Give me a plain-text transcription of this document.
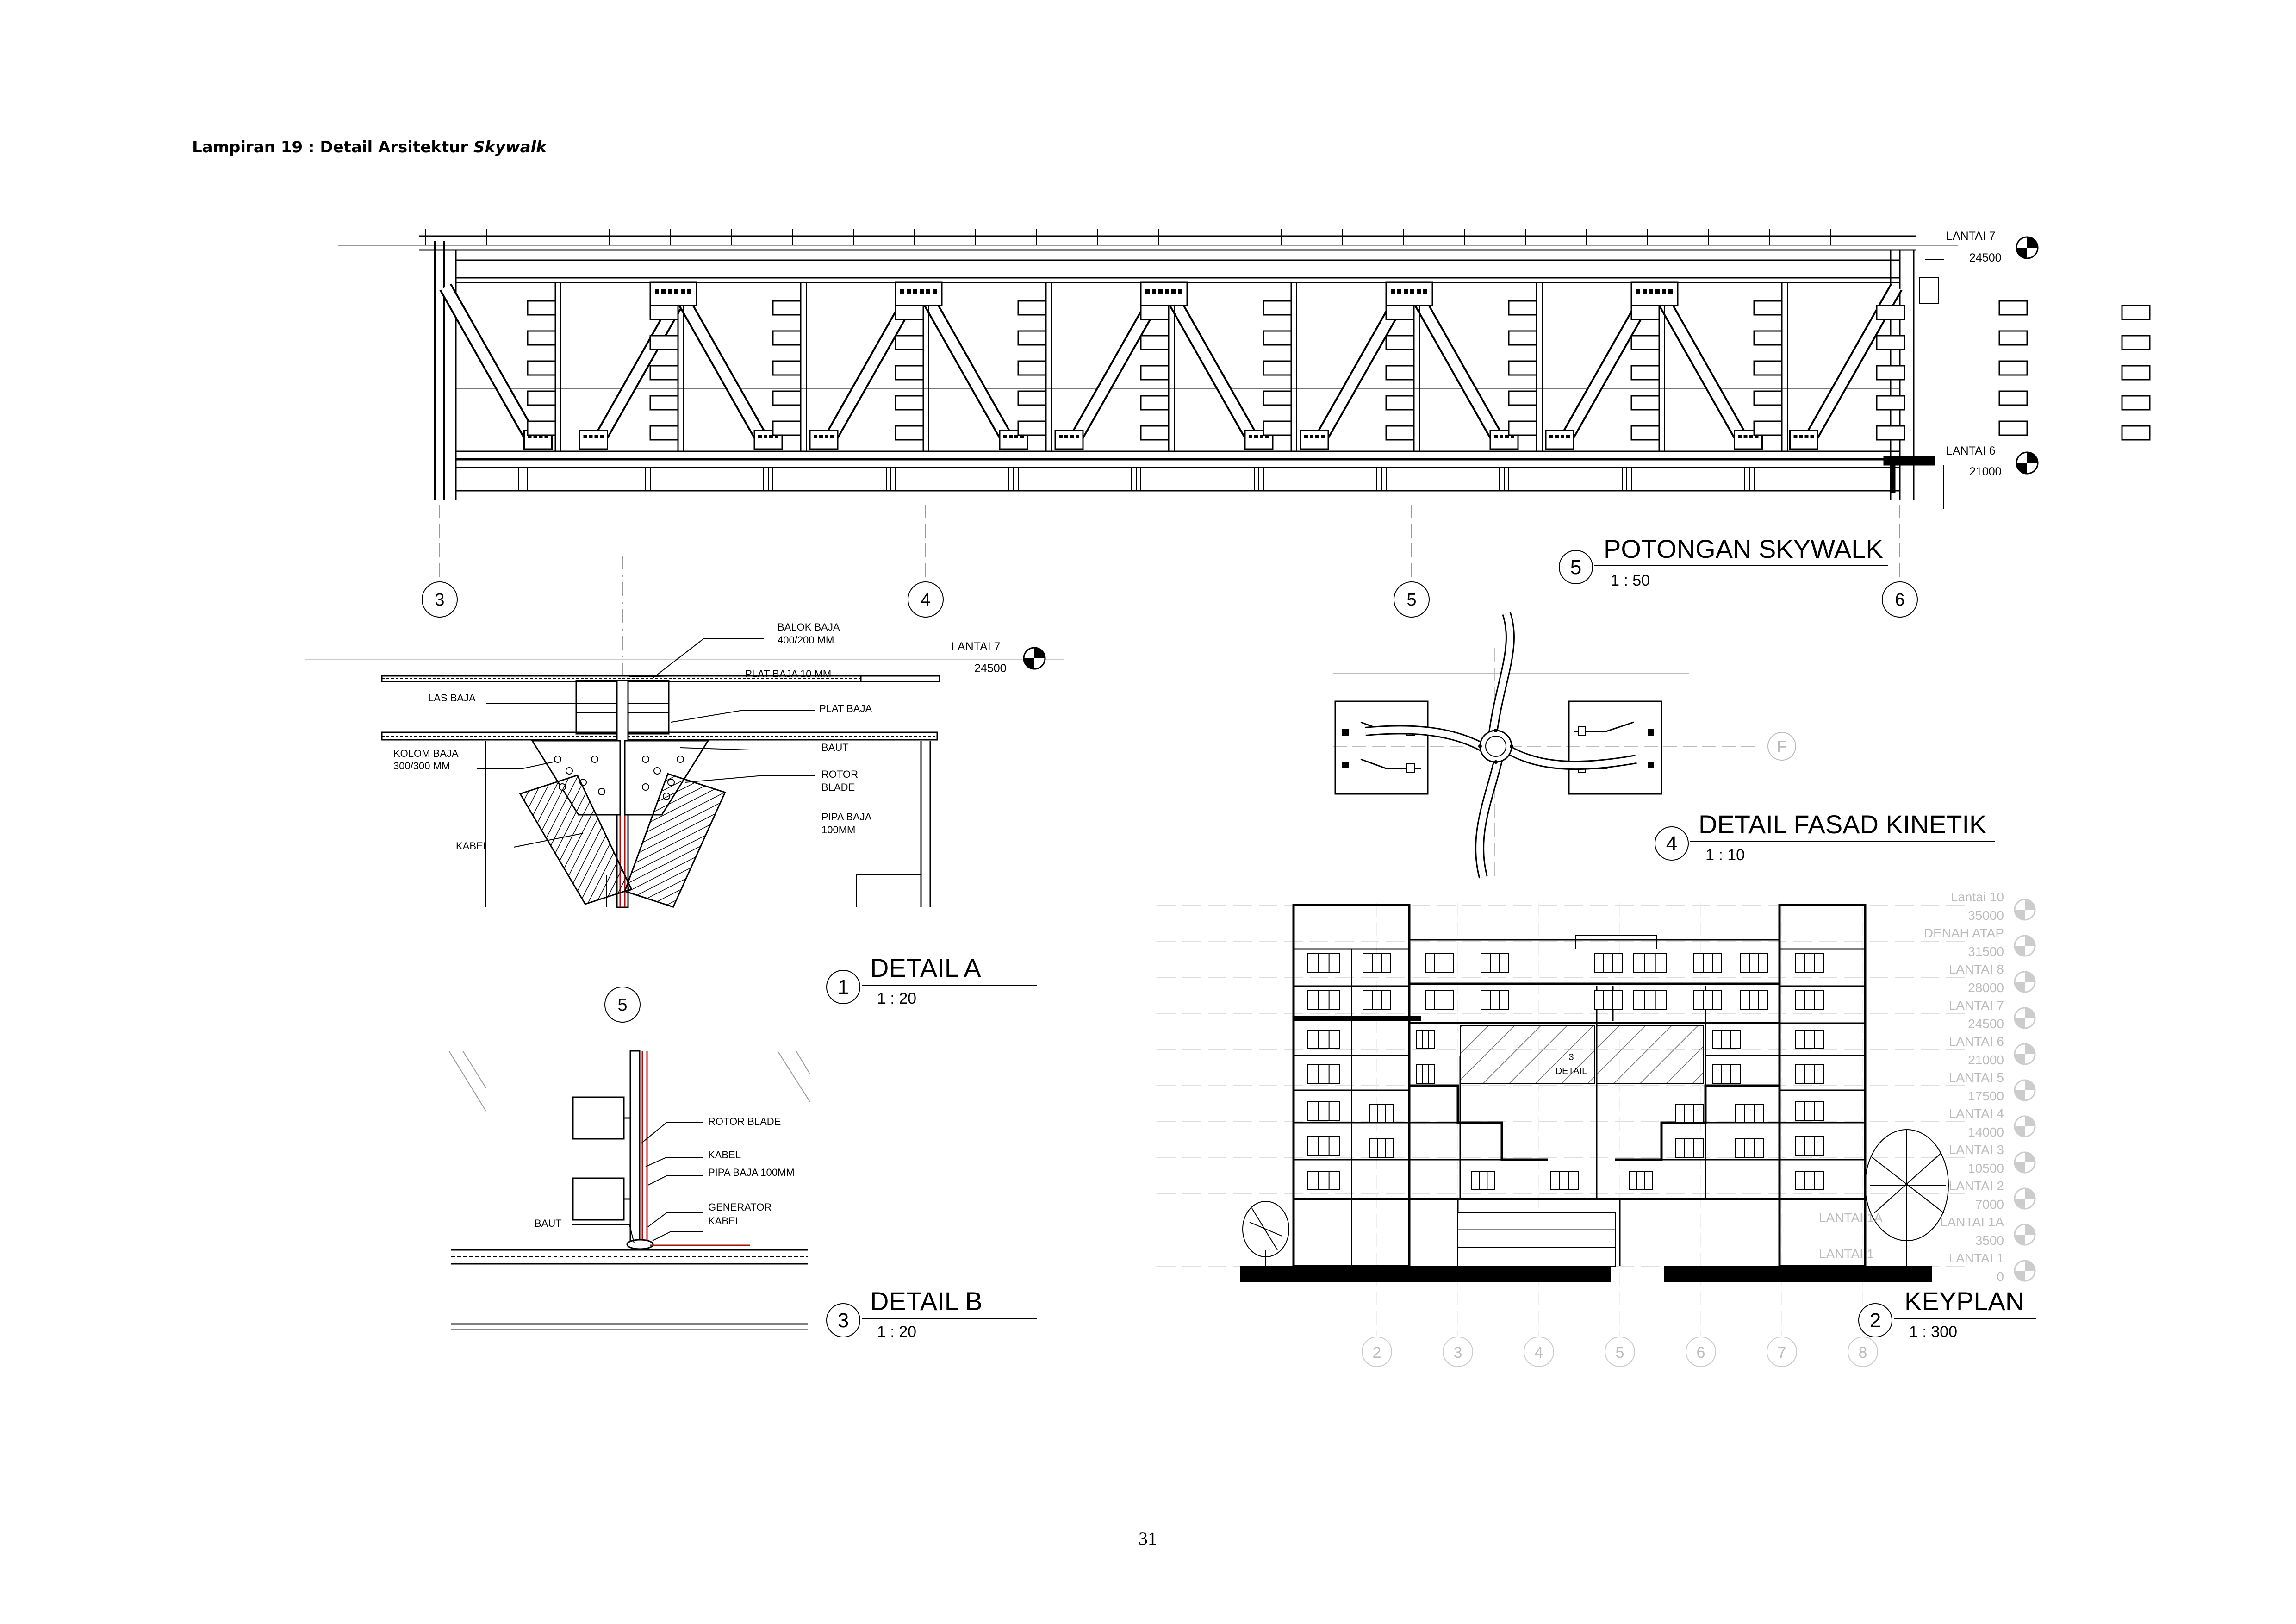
Lampiran 19 : Detail Arsitektur Skywalk
LANTAI 7
24500
LANTAI 6
21000
3	4	5	6
5
POTONGAN SKYWALK
1 : 50
BALOK BAJA
400/200 MM
PLAT BAJA 10 MM
LAS BAJA
PLAT BAJA
BAUT
KOLOM BAJA
300/300 MM
ROTOR
BLADE
PIPA BAJA
100MM
KABEL
LANTAI 7
24500
5
1
DETAIL A
1 : 20
ROTOR BLADE
KABEL
PIPA BAJA 100MM
GENERATOR
KABEL
BAUT
3
DETAIL B
1 : 20
F
4
DETAIL FASAD KINETIK
1 : 10
3
DETAIL
35000
Lantai 10
31500
DENAH ATAP
28000
LANTAI 8
24500
LANTAI 7
21000
LANTAI 6
17500
LANTAI 5
14000
LANTAI 4
10500
LANTAI 3
7000
LANTAI 2
3500
LANTAI 1A
0
LANTAI 1
LANTAI 1A
LANTAI 1
2	3	4	5	6	7	8
2
KEYPLAN
1 : 300
31
